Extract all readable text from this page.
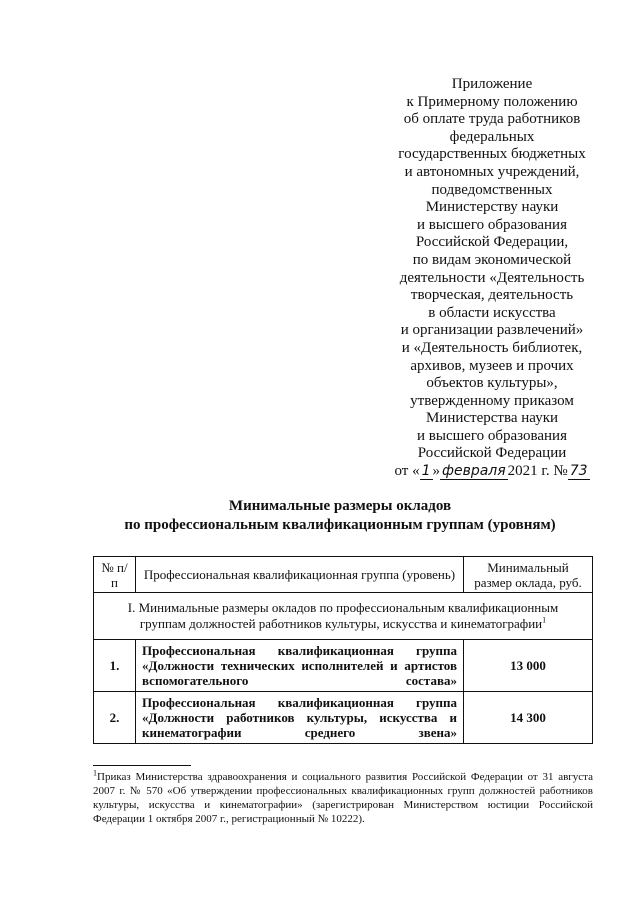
Приложение
к Примерному положению
об оплате труда работников
федеральных
государственных бюджетных
и автономных учреждений,
подведомственных
Министерству науки
и высшего образования
Российской Федерации,
по видам экономической
деятельности «Деятельность
творческая, деятельность
в области искусства
и организации развлечений»
и «Деятельность библиотек,
архивов, музеев и прочих
объектов культуры»,
утвержденному приказом
Министерства науки
и высшего образования
Российской Федерации
от « 1 » февраля 2021 г. № 73
Минимальные размеры окладов
по профессиональным квалификационным группам (уровням)
№ п/п	Профессиональная квалификационная группа (уровень)	Минимальный размер оклада, руб.
I. Минимальные размеры окладов по профессиональным квалификационным группам должностей работников культуры, искусства и кинематографии$^1$
1.	Профессиональная квалификационная группа «Должности технических исполнителей и артистов вспомогательного состава»	13 000
2.	Профессиональная квалификационная группа «Должности работников культуры, искусства и кинематографии среднего звена»	14 300
$^1$Приказ Министерства здравоохранения и социального развития Российской Федерации от 31 августа 2007 г. № 570 «Об утверждении профессиональных квалификационных групп должностей работников культуры, искусства и кинематографии» (зарегистрирован Министерством юстиции Российской Федерации 1 октября 2007 г., регистрационный № 10222).
